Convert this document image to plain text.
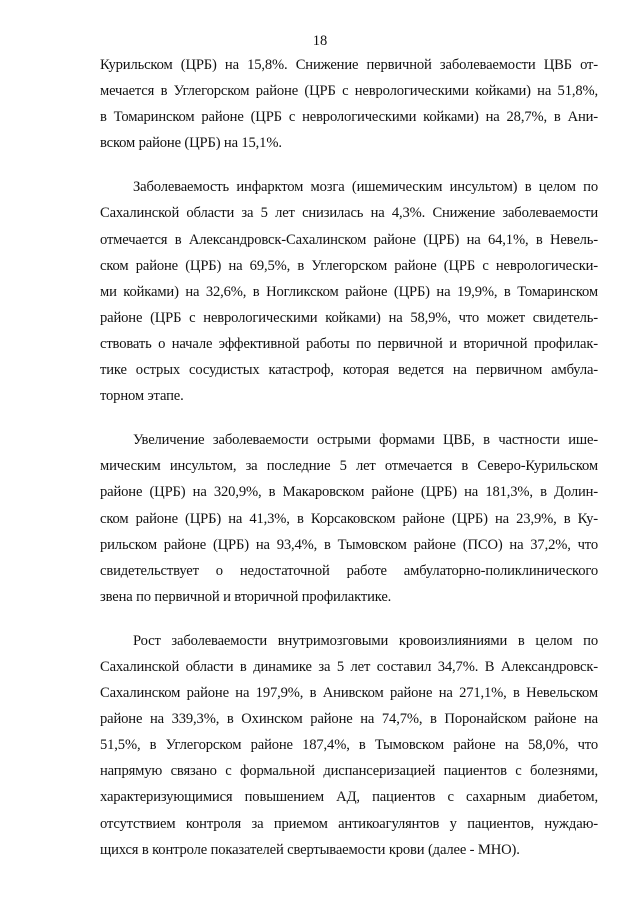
18
Курильском (ЦРБ) на 15,8%. Снижение первичной заболеваемости ЦВБ от-
мечается в Углегорском районе (ЦРБ с неврологическими койками) на 51,8%,
в Томаринском районе (ЦРБ с неврологическими койками) на 28,7%, в Ани-
вском районе (ЦРБ) на 15,1%.
Заболеваемость инфарктом мозга (ишемическим инсультом) в целом по
Сахалинской области за 5 лет снизилась на 4,3%. Снижение заболеваемости
отмечается в Александровск-Сахалинском районе (ЦРБ) на 64,1%, в Невель-
ском районе (ЦРБ) на 69,5%, в Углегорском районе (ЦРБ с неврологически-
ми койками) на 32,6%, в Ногликском районе (ЦРБ) на 19,9%, в Томаринском
районе (ЦРБ с неврологическими койками) на 58,9%, что может свидетель-
ствовать о начале эффективной работы по первичной и вторичной профилак-
тике острых сосудистых катастроф, которая ведется на первичном амбула-
торном этапе.
Увеличение заболеваемости острыми формами ЦВБ, в частности ише-
мическим инсультом, за последние 5 лет отмечается в Северо-Курильском
районе (ЦРБ) на 320,9%, в Макаровском районе (ЦРБ) на 181,3%, в Долин-
ском районе (ЦРБ) на 41,3%, в Корсаковском районе (ЦРБ) на 23,9%, в Ку-
рильском районе (ЦРБ) на 93,4%, в Тымовском районе (ПСО) на 37,2%, что
свидетельствует о недостаточной работе амбулаторно-поликлинического
звена по первичной и вторичной профилактике.
Рост заболеваемости внутримозговыми кровоизлияниями в целом по
Сахалинской области в динамике за 5 лет составил 34,7%. В Александровск-
Сахалинском районе на 197,9%, в Анивском районе на 271,1%, в Невельском
районе на 339,3%, в Охинском районе на 74,7%, в Поронайском районе на
51,5%, в Углегорском районе 187,4%, в Тымовском районе на 58,0%, что
напрямую связано с формальной диспансеризацией пациентов с болезнями,
характеризующимися повышением АД, пациентов с сахарным диабетом,
отсутствием контроля за приемом антикоагулянтов у пациентов, нуждаю-
щихся в контроле показателей свертываемости крови (далее - МНО).
